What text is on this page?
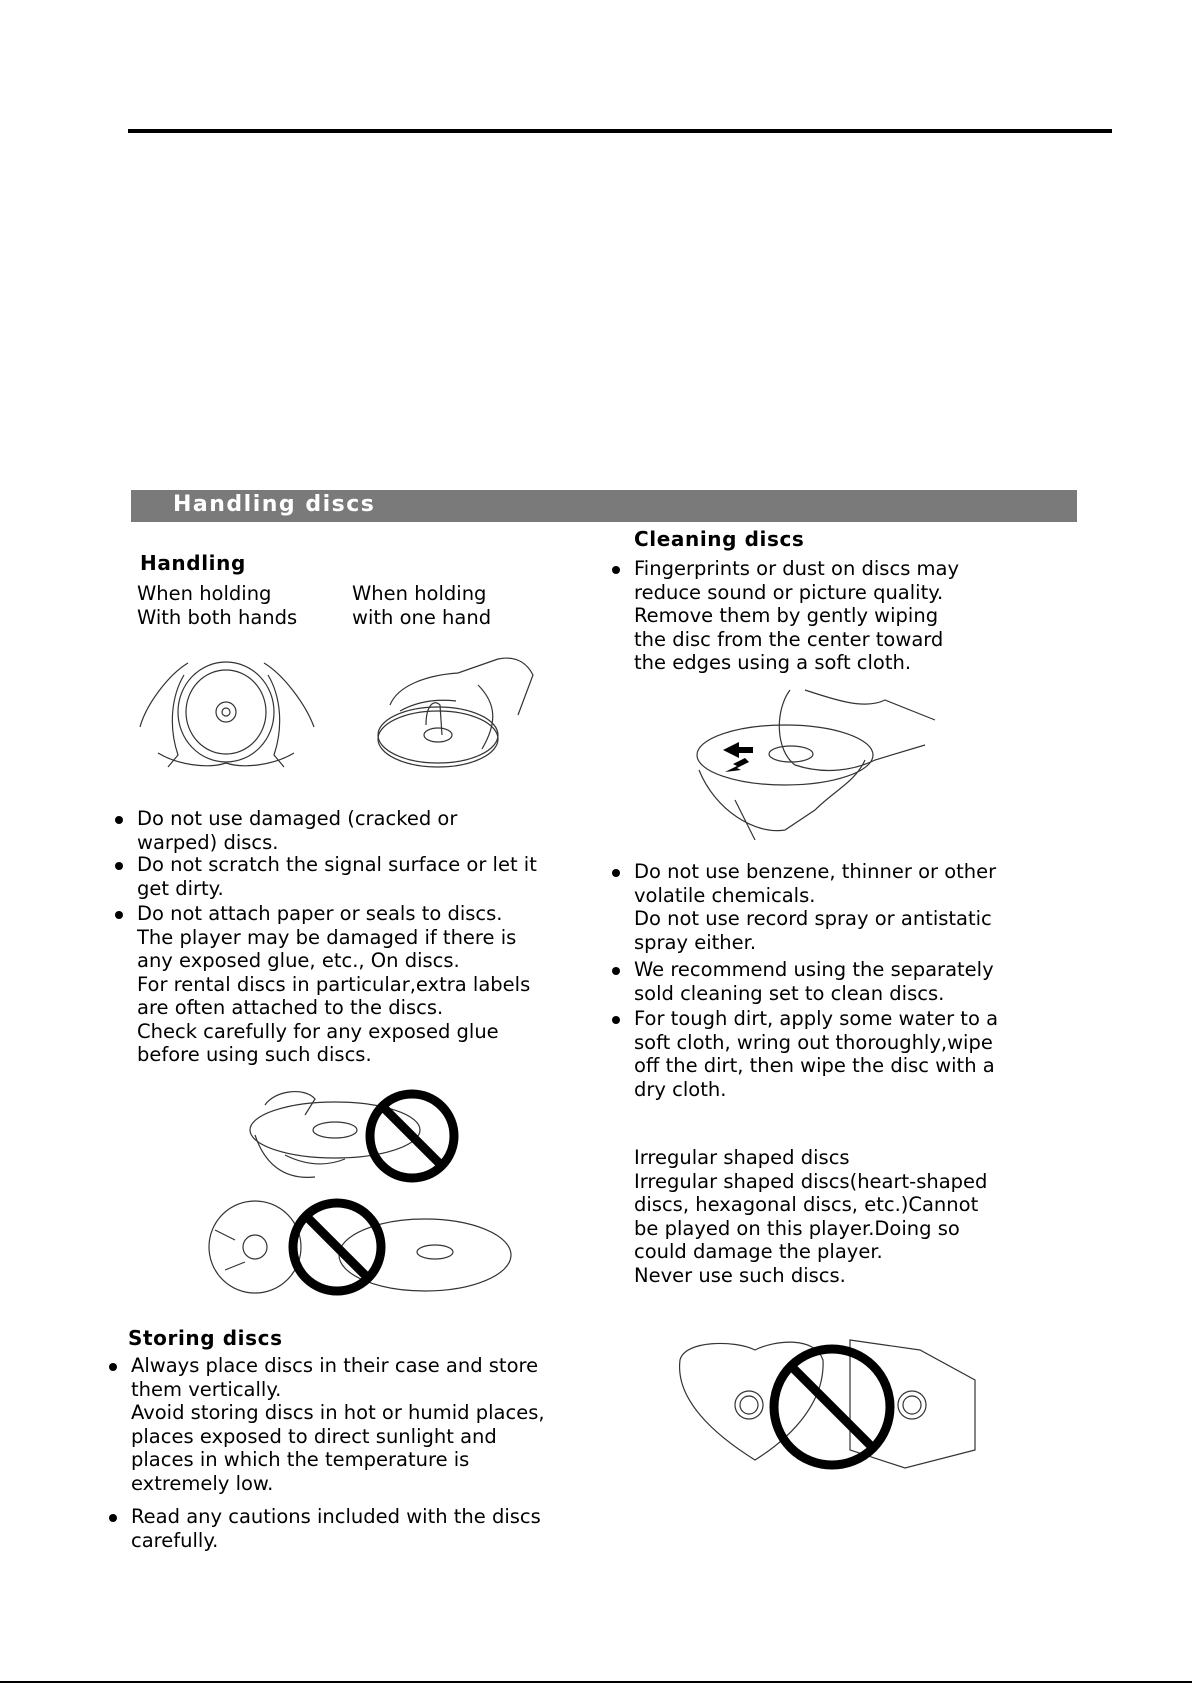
Handling discs
Handling
When holding
With both hands
When holding
with one hand
Do not use damaged (cracked or
warped) discs.
Do not scratch the signal surface or let it
get dirty.
Do not attach paper or seals to discs.
The player may be damaged if there is
any exposed glue, etc., On discs.
For rental discs in particular,extra labels
are often attached to the discs.
Check carefully for any exposed glue
before using such discs.
Storing discs
Always place discs in their case and store
them vertically.
Avoid storing discs in hot or humid places,
places exposed to direct sunlight and
places in which the temperature is
extremely low.
Read any cautions included with the discs
carefully.
Cleaning discs
Fingerprints or dust on discs may
reduce sound or picture quality.
Remove them by gently wiping
the disc from the center toward
the edges using a soft cloth.
Do not use benzene, thinner or other
volatile chemicals.
Do not use record spray or antistatic
spray either.
We recommend using the separately
sold cleaning set to clean discs.
For tough dirt, apply some water to a
soft cloth, wring out thoroughly,wipe
off the dirt, then wipe the disc with a
dry cloth.
Irregular shaped discs
Irregular shaped discs(heart-shaped
discs, hexagonal discs, etc.)Cannot
be played on this player.Doing so
could damage the player.
Never use such discs.
